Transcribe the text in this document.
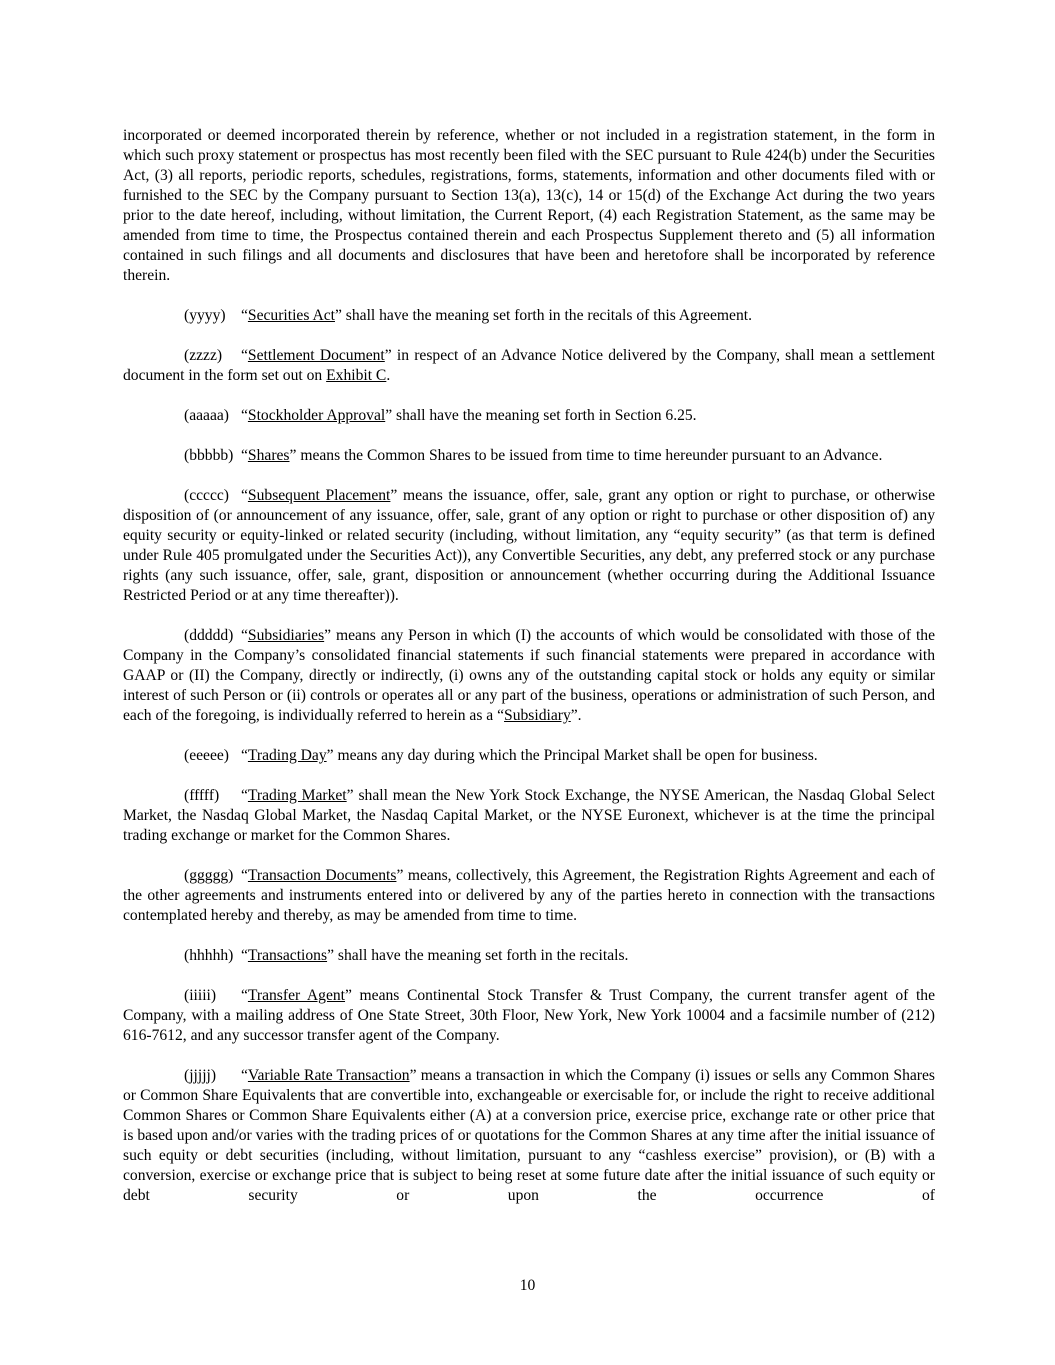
incorporated or deemed incorporated therein by reference, whether or not included in a registration statement, in the form in which such proxy statement or prospectus has most recently been filed with the SEC pursuant to Rule 424(b) under the Securities Act, (3) all reports, periodic reports, schedules, registrations, forms, statements, information and other documents filed with or furnished to the SEC by the Company pursuant to Section 13(a), 13(c), 14 or 15(d) of the Exchange Act during the two years prior to the date hereof, including, without limitation, the Current Report, (4) each Registration Statement, as the same may be amended from time to time, the Prospectus contained therein and each Prospectus Supplement thereto and (5) all information contained in such filings and all documents and disclosures that have been and heretofore shall be incorporated by reference therein.

(yyyy) “Securities Act” shall have the meaning set forth in the recitals of this Agreement.

(zzzz) “Settlement Document” in respect of an Advance Notice delivered by the Company, shall mean a settlement document in the form set out on Exhibit C.

(aaaaa) “Stockholder Approval” shall have the meaning set forth in Section 6.25.

(bbbbb) “Shares” means the Common Shares to be issued from time to time hereunder pursuant to an Advance.

(ccccc) “Subsequent Placement” means the issuance, offer, sale, grant any option or right to purchase, or otherwise disposition of (or announcement of any issuance, offer, sale, grant of any option or right to purchase or other disposition of) any equity security or equity-linked or related security (including, without limitation, any “equity security” (as that term is defined under Rule 405 promulgated under the Securities Act)), any Convertible Securities, any debt, any preferred stock or any purchase rights (any such issuance, offer, sale, grant, disposition or announcement (whether occurring during the Additional Issuance Restricted Period or at any time thereafter)).

(ddddd) “Subsidiaries” means any Person in which (I) the accounts of which would be consolidated with those of the Company in the Company’s consolidated financial statements if such financial statements were prepared in accordance with GAAP or (II) the Company, directly or indirectly, (i) owns any of the outstanding capital stock or holds any equity or similar interest of such Person or (ii) controls or operates all or any part of the business, operations or administration of such Person, and each of the foregoing, is individually referred to herein as a “Subsidiary”.

(eeeee) “Trading Day” means any day during which the Principal Market shall be open for business.

(fffff) “Trading Market” shall mean the New York Stock Exchange, the NYSE American, the Nasdaq Global Select Market, the Nasdaq Global Market, the Nasdaq Capital Market, or the NYSE Euronext, whichever is at the time the principal trading exchange or market for the Common Shares.

(ggggg) “Transaction Documents” means, collectively, this Agreement, the Registration Rights Agreement and each of the other agreements and instruments entered into or delivered by any of the parties hereto in connection with the transactions contemplated hereby and thereby, as may be amended from time to time.

(hhhhh) “Transactions” shall have the meaning set forth in the recitals.

(iiiii) “Transfer Agent” means Continental Stock Transfer & Trust Company, the current transfer agent of the Company, with a mailing address of One State Street, 30th Floor, New York, New York 10004 and a facsimile number of (212) 616-7612, and any successor transfer agent of the Company.

(jjjjj) “Variable Rate Transaction” means a transaction in which the Company (i) issues or sells any Common Shares or Common Share Equivalents that are convertible into, exchangeable or exercisable for, or include the right to receive additional Common Shares or Common Share Equivalents either (A) at a conversion price, exercise price, exchange rate or other price that is based upon and/or varies with the trading prices of or quotations for the Common Shares at any time after the initial issuance of such equity or debt securities (including, without limitation, pursuant to any “cashless exercise” provision), or (B) with a conversion, exercise or exchange price that is subject to being reset at some future date after the initial issuance of such equity or debt security or upon the occurrence of

10
